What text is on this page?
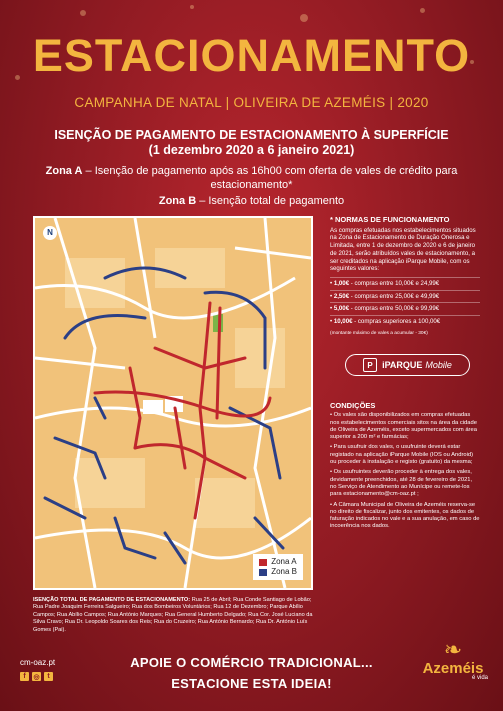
ESTACIONAMENTO
CAMPANHA DE NATAL | OLIVEIRA DE AZEMÉIS | 2020
ISENÇÃO DE PAGAMENTO DE ESTACIONAMENTO À SUPERFÍCIE
(1 dezembro 2020 a 6 janeiro 2021)
Zona A – Isenção de pagamento após as 16h00 com oferta de vales de crédito para estacionamento*
Zona B – Isenção total de pagamento
N
Zona A
Zona B
ISENÇÃO TOTAL DE PAGAMENTO DE ESTACIONAMENTO: Rua 25 de Abril; Rua Conde Santiago de Lobão; Rua Padre Joaquim Ferreira Salgueiro; Rua dos Bombeiros Voluntários; Rua 12 de Dezembro; Parque Abílio Campos; Rua Abílio Campos; Rua António Marques; Rua General Humberto Delgado; Rua Cor. José Luciano da Silva Cravo; Rua Dr. Leopoldo Soares dos Reis; Rua do Cruzeiro; Rua António Bernardo; Rua Dr. António Luís Gomes (Pai).
* NORMAS DE FUNCIONAMENTO

As compras efetuadas nos estabelecimentos situados na Zona de Estacionamento de Duração Onerosa e Limitada, entre 1 de dezembro de 2020 e 6 de janeiro de 2021, serão atribuídos vales de estacionamento, a ser creditados na aplicação iParque Mobile, com os seguintes valores:

• 1,00€ - compras entre 10,00€ e 24,99€
• 2,50€ - compras entre 25,00€ e 49,99€
• 5,00€ - compras entre 50,00€ e 99,99€
• 10,00€ - compras superiores a 100,00€
(montante máximo de vales a acumular - 30€)
P	iPARQUE Mobile
CONDIÇÕES

• Os vales são disponibilizados em compras efetuadas nos estabelecimentos comerciais sitos na área da cidade de Oliveira de Azeméis, exceto supermercados com área superior a 200 m² e farmácias;

• Para usufruir dos vales, o usufruinte deverá estar registado na aplicação iParque Mobile (IOS ou Android) ou proceder à instalação e registo (gratuito) da mesma;

• Os usufruintes deverão proceder à entrega dos vales, devidamente preenchidos, até 28 de fevereiro de 2021, no Serviço de Atendimento ao Munícipe ou remete-los para estacionamento@cm-oaz.pt ;

• A Câmara Municipal de Oliveira de Azeméis reserva-se no direito de fiscalizar, junto dos emitentes, os dados de faturação indicados no vale e a sua anulação, em caso de incoerência nos dados.

cm-oaz.pt
f	◎	t
APOIE O COMÉRCIO TRADICIONAL...
ESTACIONE ESTA IDEIA!
❧
Azeméis
é vida
